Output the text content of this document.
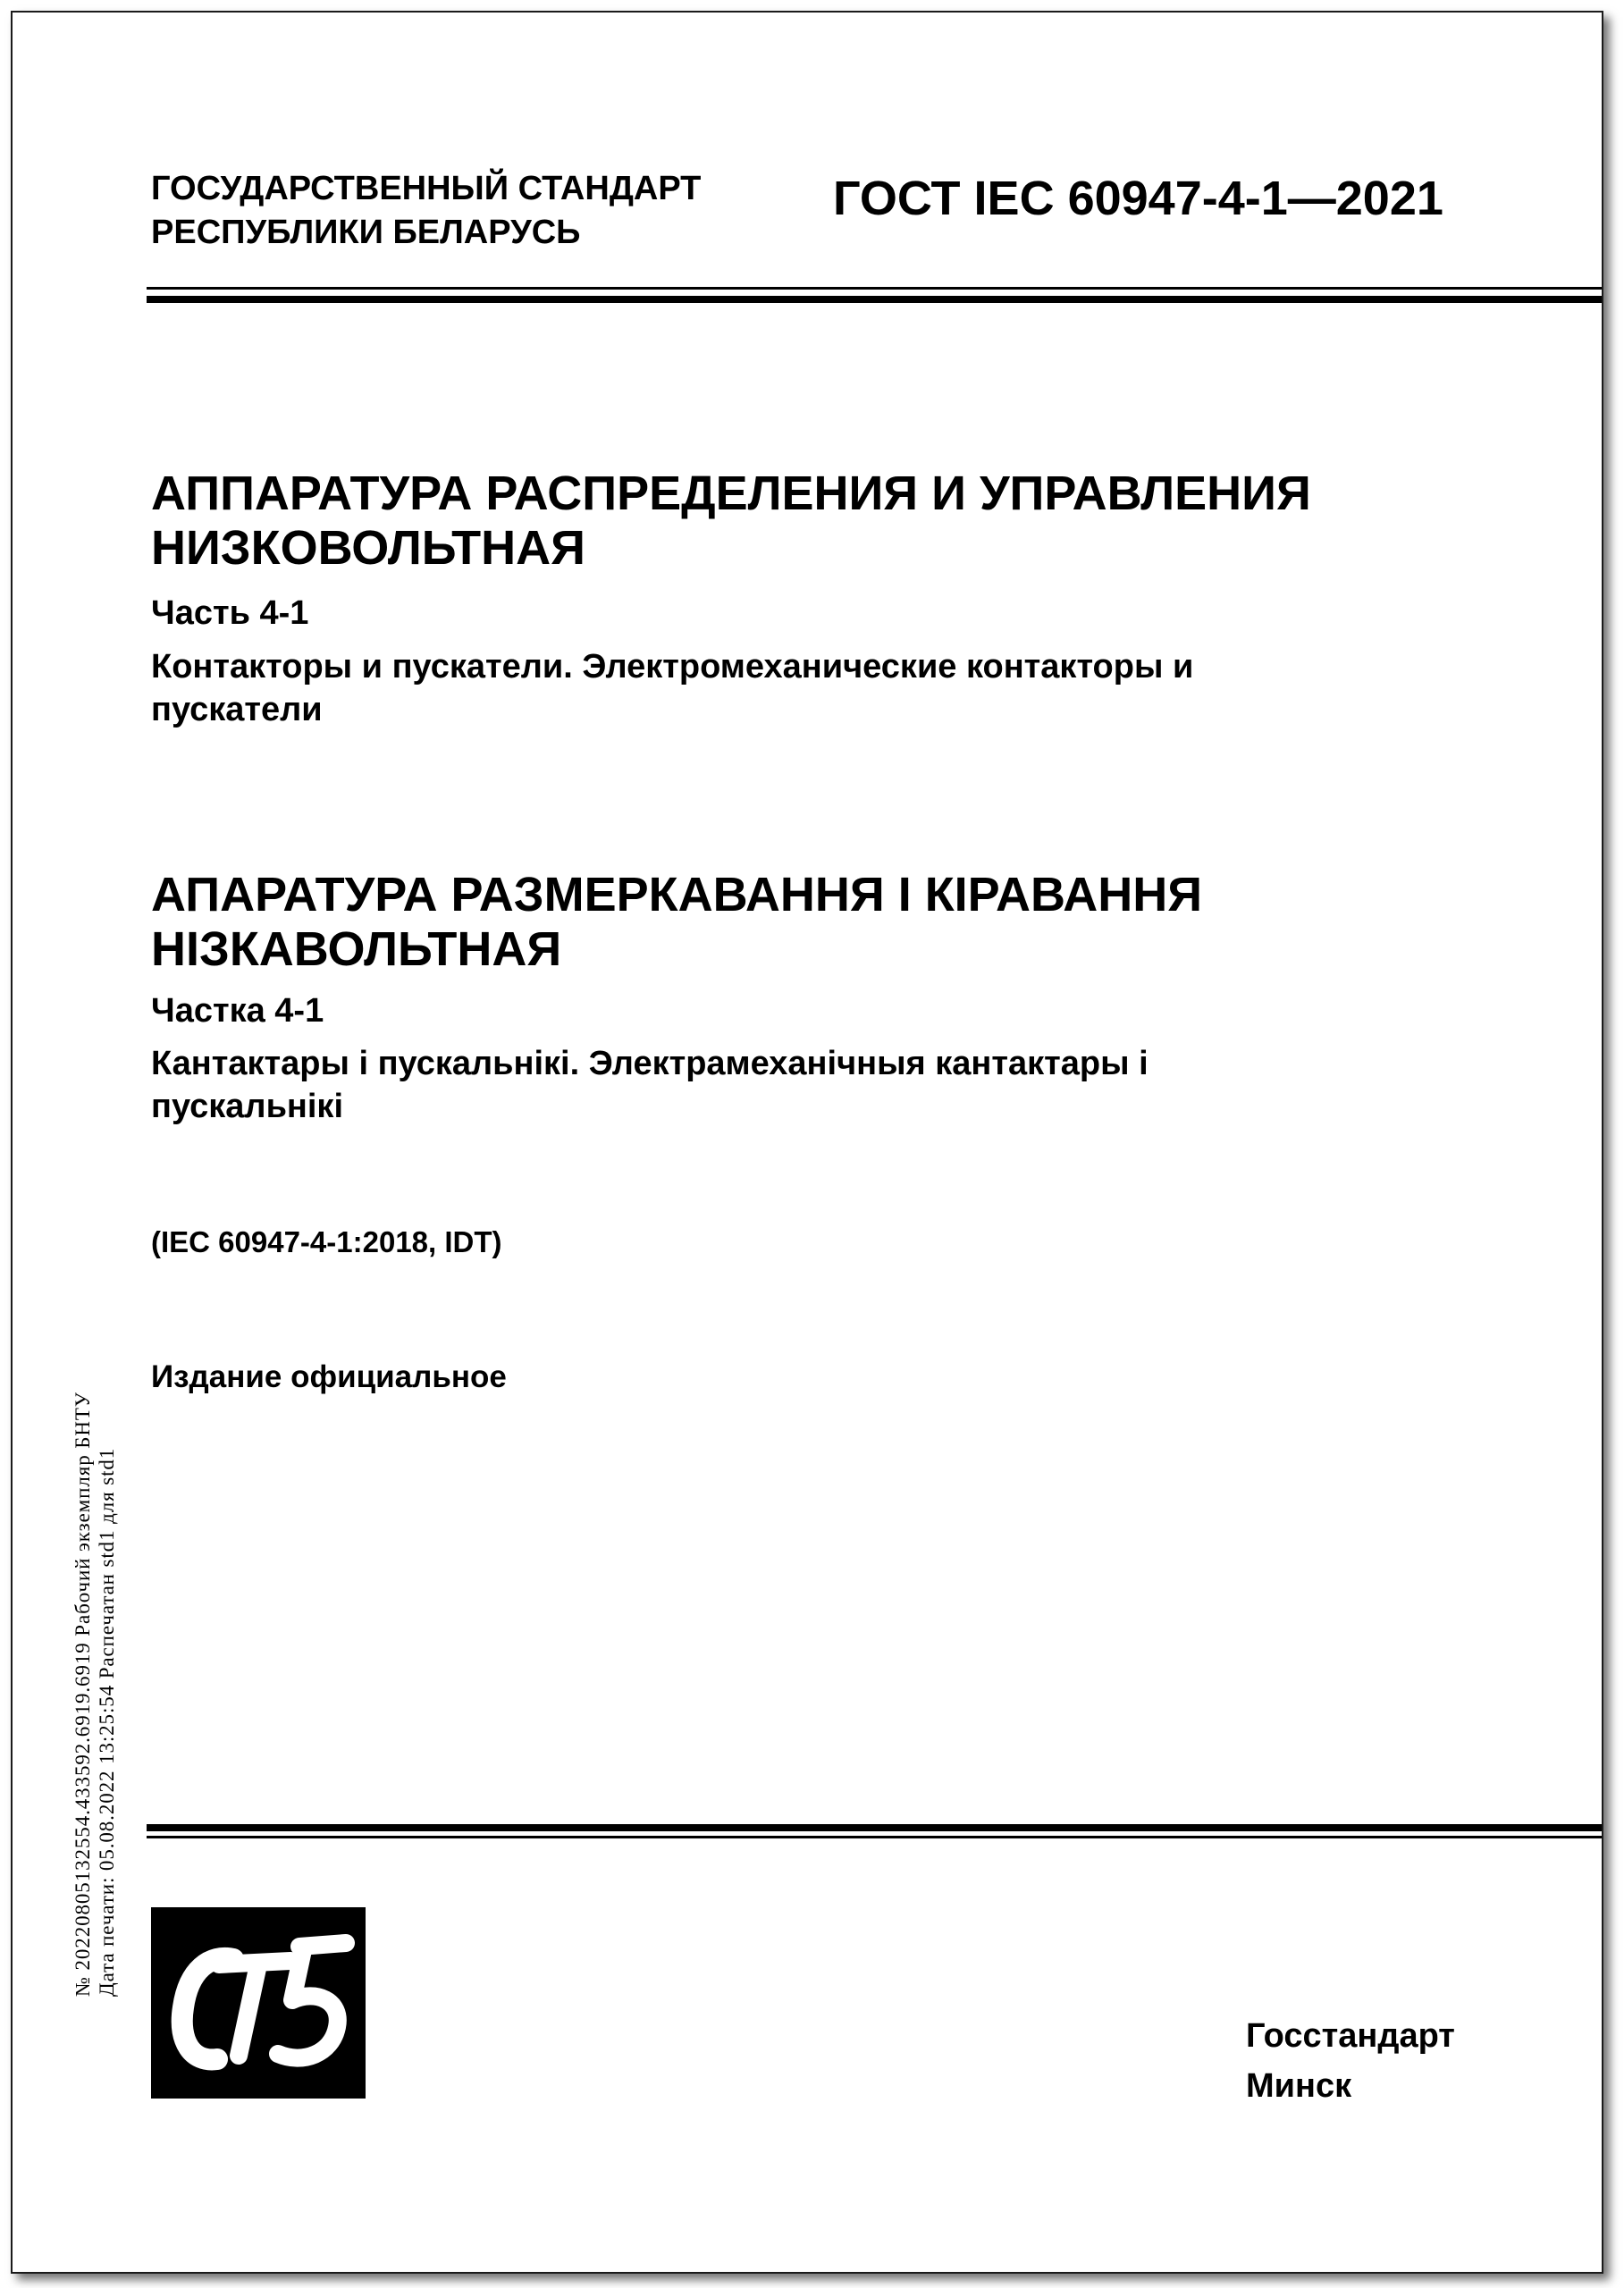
ГОСУДАРСТВЕННЫЙ СТАНДАРТ
РЕСПУБЛИКИ БЕЛАРУСЬ
ГОСТ IEC 60947-4-1—2021
АППАРАТУРА РАСПРЕДЕЛЕНИЯ И УПРАВЛЕНИЯ
НИЗКОВОЛЬТНАЯ
Часть 4-1
Контакторы и пускатели. Электромеханические контакторы и
пускатели
АПАРАТУРА РАЗМЕРКАВАННЯ І КІРАВАННЯ
НІЗКАВОЛЬТНАЯ
Частка 4-1
Кантактары і пускальнікі. Электрамеханічныя кантактары і
пускальнікі
(IEC 60947-4-1:2018, IDT)
Издание официальное
№ 20220805132554.433592.6919.6919 Рабочий экземпляр БНТУ Дата печати: 05.08.2022 13:25:54 Распечатан std1 для std1
Госстандарт
Минск
